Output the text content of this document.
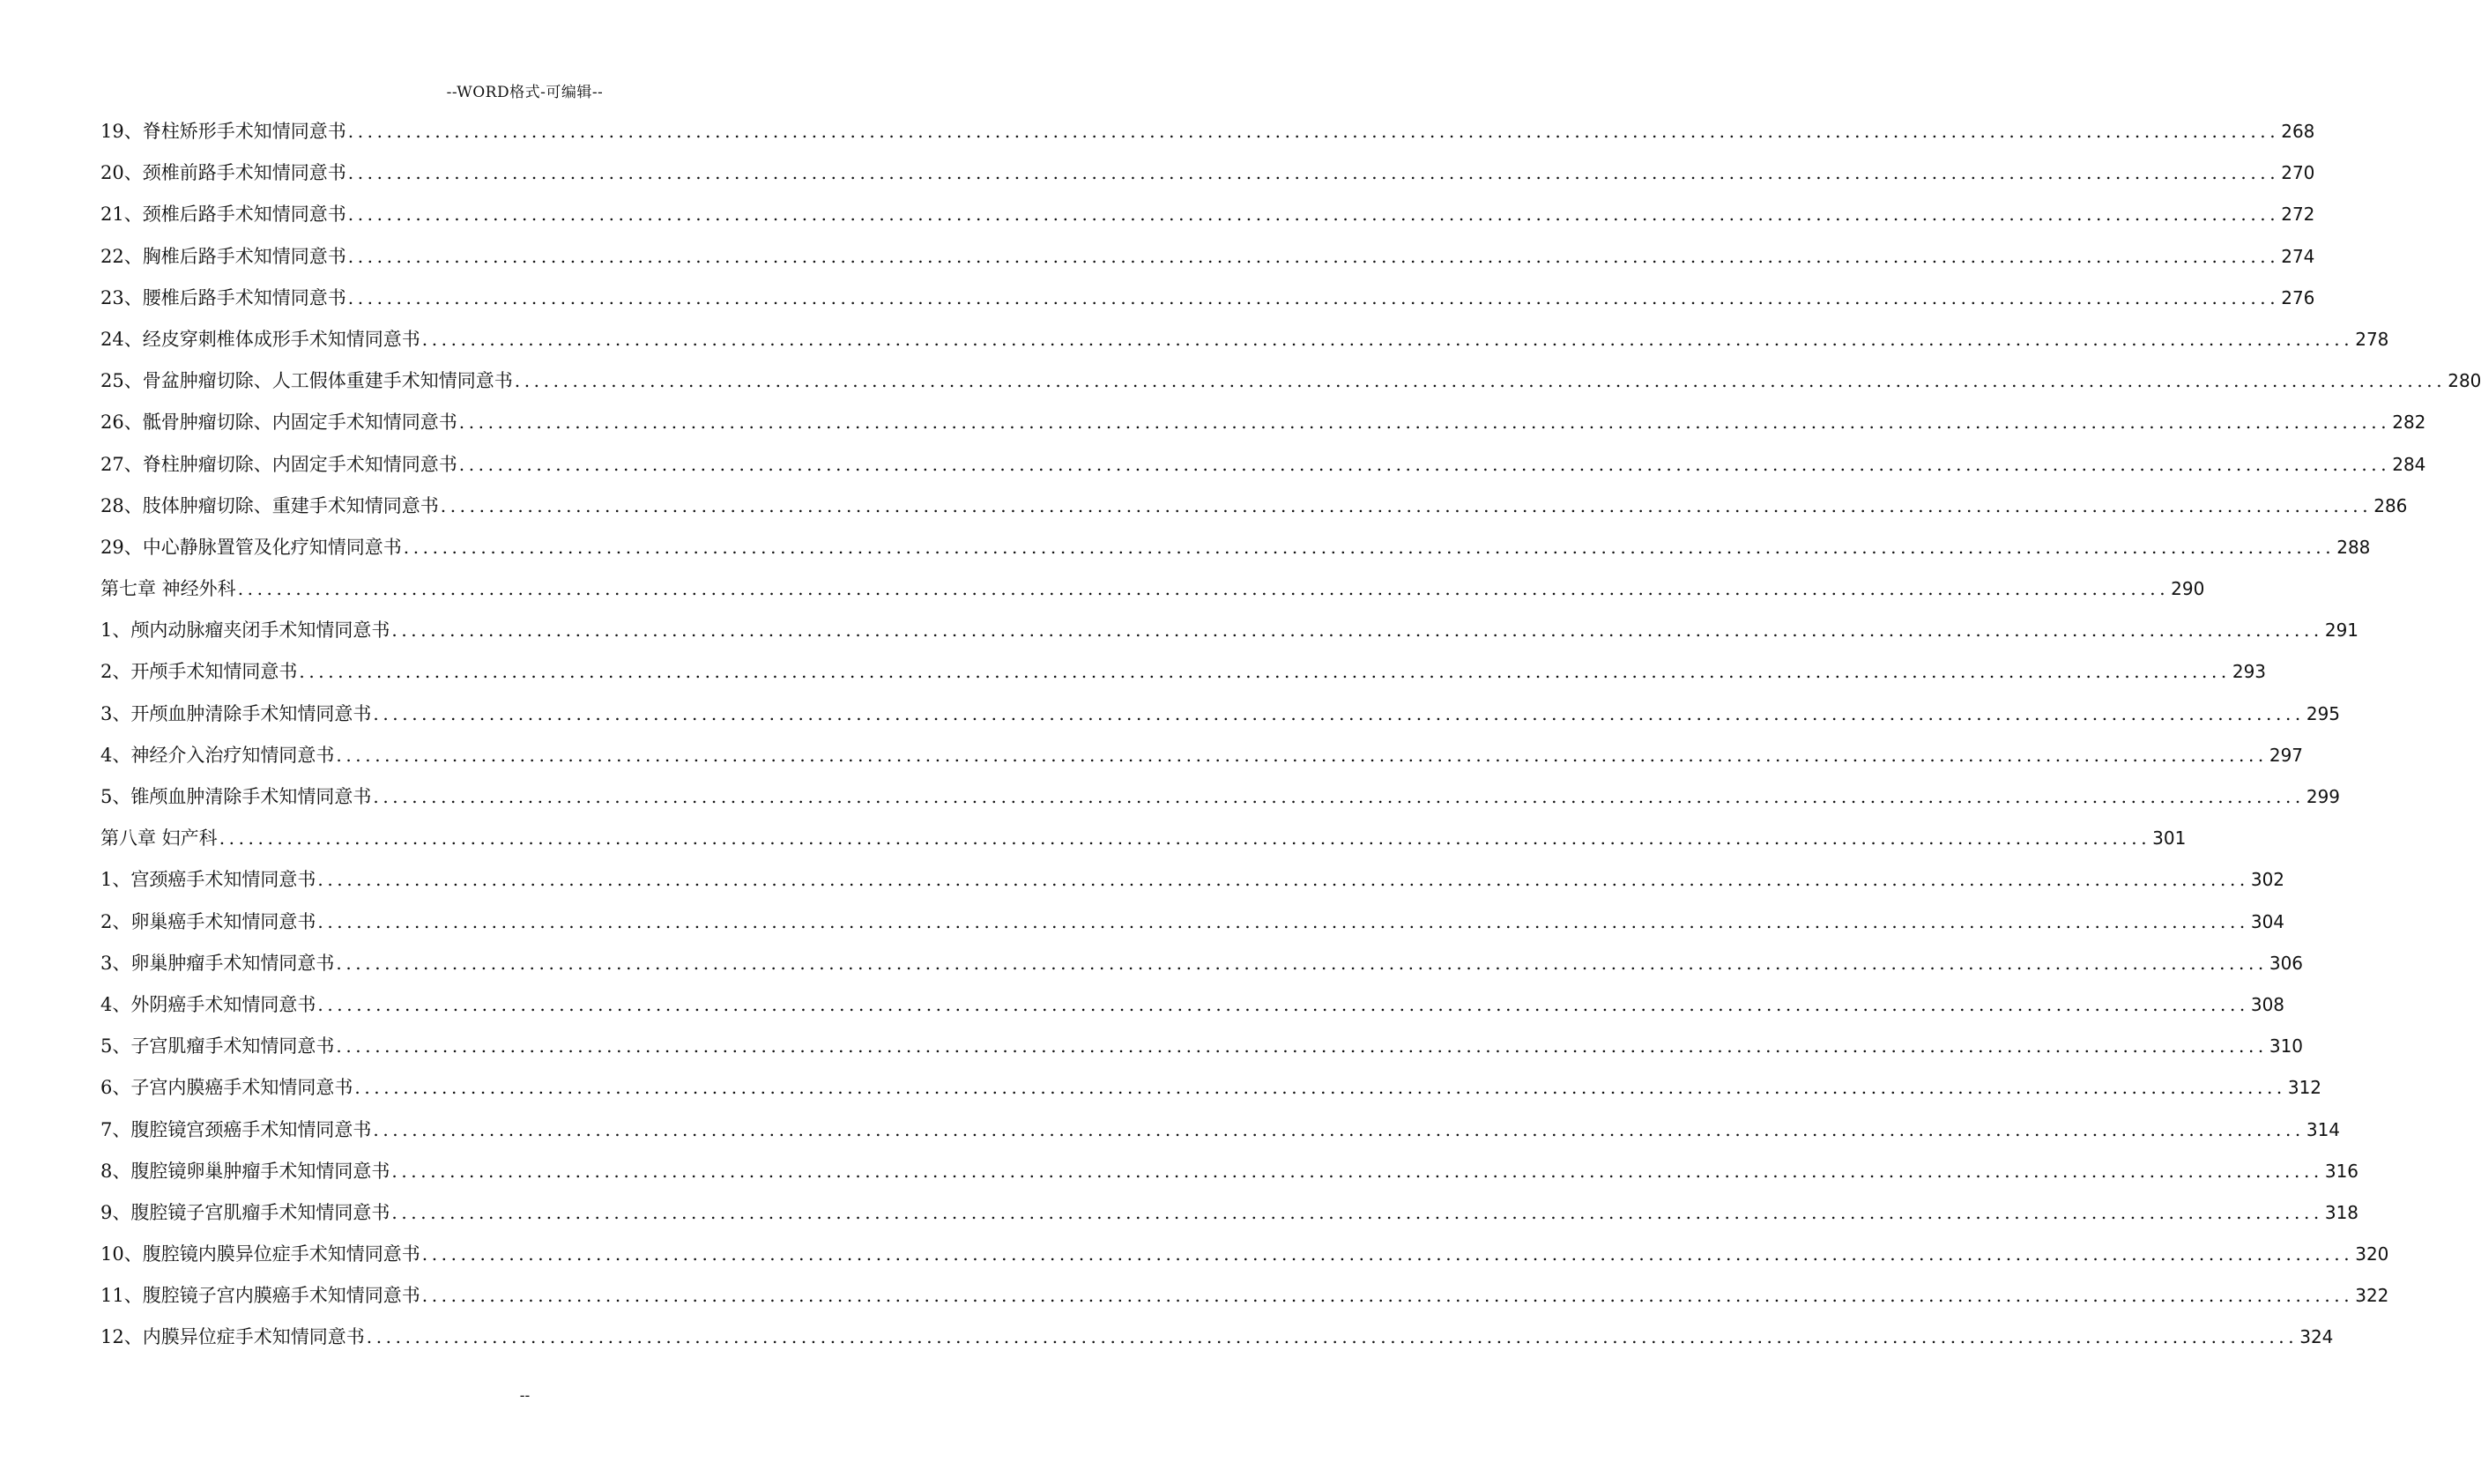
--WORD格式-可编辑--
19、脊柱矫形手术知情同意书 ........................................................................................................................................................................................................ 268
20、颈椎前路手术知情同意书 ........................................................................................................................................................................................................ 270
21、颈椎后路手术知情同意书 ........................................................................................................................................................................................................ 272
22、胸椎后路手术知情同意书 ........................................................................................................................................................................................................ 274
23、腰椎后路手术知情同意书 ........................................................................................................................................................................................................ 276
24、经皮穿刺椎体成形手术知情同意书 ........................................................................................................................................................................................................ 278
25、骨盆肿瘤切除、人工假体重建手术知情同意书 ........................................................................................................................................................................................................ 280
26、骶骨肿瘤切除、内固定手术知情同意书 ........................................................................................................................................................................................................ 282
27、脊柱肿瘤切除、内固定手术知情同意书 ........................................................................................................................................................................................................ 284
28、肢体肿瘤切除、重建手术知情同意书 ........................................................................................................................................................................................................ 286
29、中心静脉置管及化疗知情同意书 ........................................................................................................................................................................................................ 288
第七章 神经外科 ........................................................................................................................................................................................................ 290
1、颅内动脉瘤夹闭手术知情同意书 ........................................................................................................................................................................................................ 291
2、开颅手术知情同意书 ........................................................................................................................................................................................................ 293
3、开颅血肿清除手术知情同意书 ........................................................................................................................................................................................................ 295
4、神经介入治疗知情同意书 ........................................................................................................................................................................................................ 297
5、锥颅血肿清除手术知情同意书 ........................................................................................................................................................................................................ 299
第八章 妇产科 ........................................................................................................................................................................................................ 301
1、宫颈癌手术知情同意书 ........................................................................................................................................................................................................ 302
2、卵巢癌手术知情同意书 ........................................................................................................................................................................................................ 304
3、卵巢肿瘤手术知情同意书 ........................................................................................................................................................................................................ 306
4、外阴癌手术知情同意书 ........................................................................................................................................................................................................ 308
5、子宫肌瘤手术知情同意书 ........................................................................................................................................................................................................ 310
6、子宫内膜癌手术知情同意书 ........................................................................................................................................................................................................ 312
7、腹腔镜宫颈癌手术知情同意书 ........................................................................................................................................................................................................ 314
8、腹腔镜卵巢肿瘤手术知情同意书 ........................................................................................................................................................................................................ 316
9、腹腔镜子宫肌瘤手术知情同意书 ........................................................................................................................................................................................................ 318
10、腹腔镜内膜异位症手术知情同意书 ........................................................................................................................................................................................................ 320
11、腹腔镜子宫内膜癌手术知情同意书 ........................................................................................................................................................................................................ 322
12、内膜异位症手术知情同意书 ........................................................................................................................................................................................................ 324
--
